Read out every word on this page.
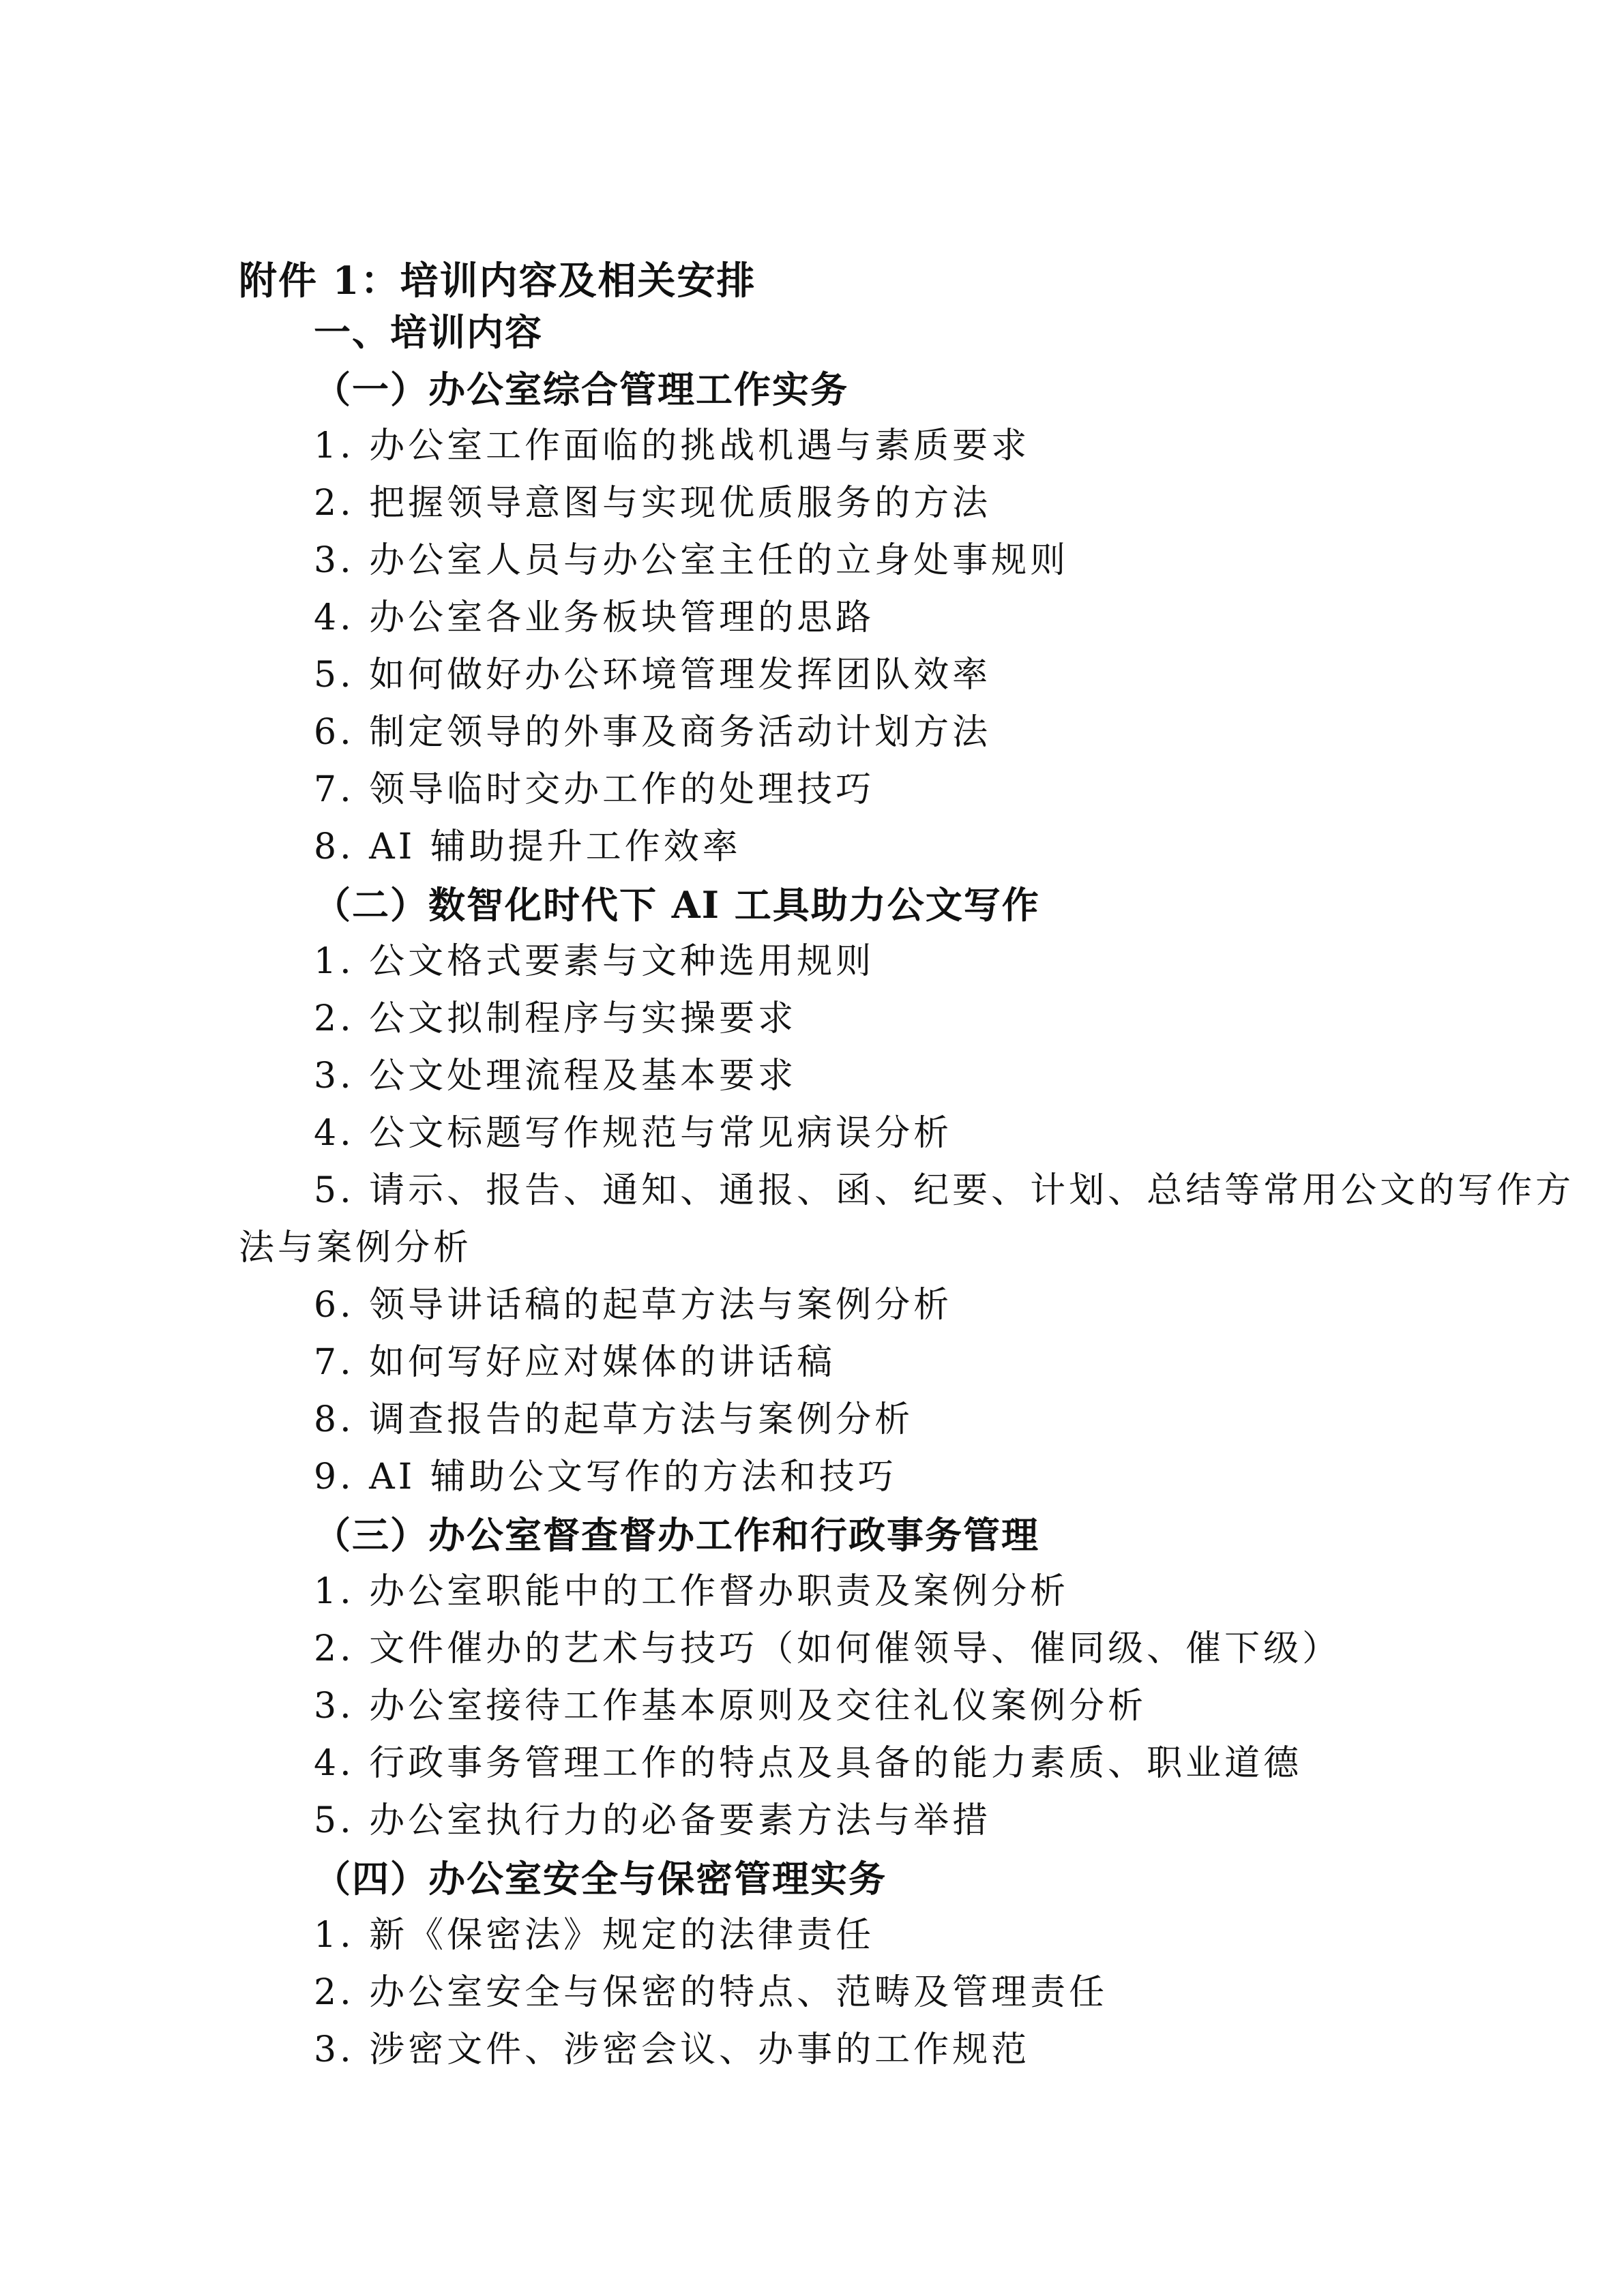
附件 1：培训内容及相关安排
一、培训内容
（一）办公室综合管理工作实务
1. 办公室工作面临的挑战机遇与素质要求
2. 把握领导意图与实现优质服务的方法
3. 办公室人员与办公室主任的立身处事规则
4. 办公室各业务板块管理的思路
5. 如何做好办公环境管理发挥团队效率
6. 制定领导的外事及商务活动计划方法
7. 领导临时交办工作的处理技巧
8. AI 辅助提升工作效率
（二）数智化时代下 AI 工具助力公文写作
1. 公文格式要素与文种选用规则
2. 公文拟制程序与实操要求
3. 公文处理流程及基本要求
4. 公文标题写作规范与常见病误分析
5. 请示、报告、通知、通报、函、纪要、计划、总结等常用公文的写作方
法与案例分析
6. 领导讲话稿的起草方法与案例分析
7. 如何写好应对媒体的讲话稿
8. 调查报告的起草方法与案例分析
9. AI 辅助公文写作的方法和技巧
（三）办公室督查督办工作和行政事务管理
1. 办公室职能中的工作督办职责及案例分析
2. 文件催办的艺术与技巧（如何催领导、催同级、催下级）
3. 办公室接待工作基本原则及交往礼仪案例分析
4. 行政事务管理工作的特点及具备的能力素质、职业道德
5. 办公室执行力的必备要素方法与举措
（四）办公室安全与保密管理实务
1. 新《保密法》规定的法律责任
2. 办公室安全与保密的特点、范畴及管理责任
3. 涉密文件、涉密会议、办事的工作规范
